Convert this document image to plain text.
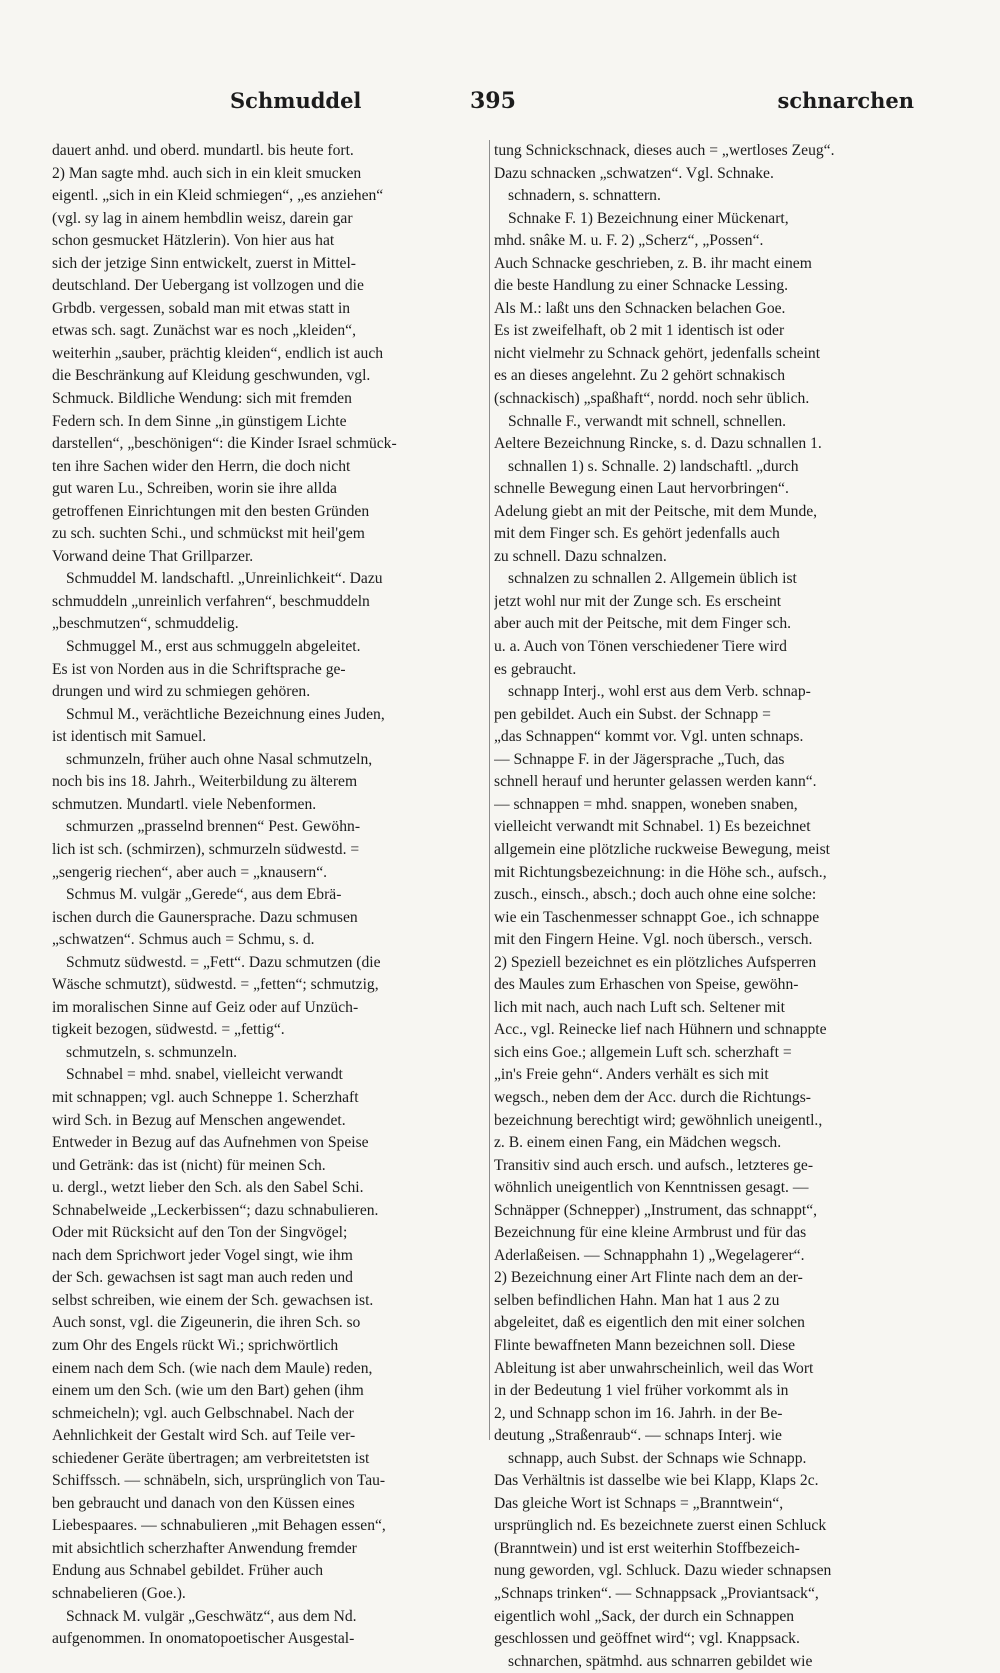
Schmuddel	395	schnarchen
dauert anhd. und oberd. mundartl. bis heute fort.
2) Man sagte mhd. auch sich in ein kleit smucken
eigentl. „sich in ein Kleid schmiegen“, „es anziehen“
(vgl. sy lag in ainem hembdlin weisz, darein gar
schon gesmucket Hätzlerin). Von hier aus hat
sich der jetzige Sinn entwickelt, zuerst in Mittel-
deutschland. Der Uebergang ist vollzogen und die
Grbdb. vergessen, sobald man mit etwas statt in
etwas sch. sagt. Zunächst war es noch „kleiden“,
weiterhin „sauber, prächtig kleiden“, endlich ist auch
die Beschränkung auf Kleidung geschwunden, vgl.
Schmuck. Bildliche Wendung: sich mit fremden
Federn sch. In dem Sinne „in günstigem Lichte
darstellen“, „beschönigen“: die Kinder Israel schmück-
ten ihre Sachen wider den Herrn, die doch nicht
gut waren Lu., Schreiben, worin sie ihre allda
getroffenen Einrichtungen mit den besten Gründen
zu sch. suchten Schi., und schmückst mit heil'gem
Vorwand deine That Grillparzer.
Schmuddel M. landschaftl. „Unreinlichkeit“. Dazu
schmuddeln „unreinlich verfahren“, beschmuddeln
„beschmutzen“, schmuddelig.
Schmuggel M., erst aus schmuggeln abgeleitet.
Es ist von Norden aus in die Schriftsprache ge-
drungen und wird zu schmiegen gehören.
Schmul M., verächtliche Bezeichnung eines Juden,
ist identisch mit Samuel.
schmunzeln, früher auch ohne Nasal schmutzeln,
noch bis ins 18. Jahrh., Weiterbildung zu älterem
schmutzen. Mundartl. viele Nebenformen.
schmurzen „prasselnd brennen“ Pest. Gewöhn-
lich ist sch. (schmirzen), schmurzeln südwestd. =
„sengerig riechen“, aber auch = „knausern“.
Schmus M. vulgär „Gerede“, aus dem Ebrä-
ischen durch die Gaunersprache. Dazu schmusen
„schwatzen“. Schmus auch = Schmu, s. d.
Schmutz südwestd. = „Fett“. Dazu schmutzen (die
Wäsche schmutzt), südwestd. = „fetten“; schmutzig,
im moralischen Sinne auf Geiz oder auf Unzüch-
tigkeit bezogen, südwestd. = „fettig“.
schmutzeln, s. schmunzeln.
Schnabel = mhd. snabel, vielleicht verwandt
mit schnappen; vgl. auch Schneppe 1. Scherzhaft
wird Sch. in Bezug auf Menschen angewendet.
Entweder in Bezug auf das Aufnehmen von Speise
und Getränk: das ist (nicht) für meinen Sch.
u. dergl., wetzt lieber den Sch. als den Sabel Schi.
Schnabelweide „Leckerbissen“; dazu schnabulieren.
Oder mit Rücksicht auf den Ton der Singvögel;
nach dem Sprichwort jeder Vogel singt, wie ihm
der Sch. gewachsen ist sagt man auch reden und
selbst schreiben, wie einem der Sch. gewachsen ist.
Auch sonst, vgl. die Zigeunerin, die ihren Sch. so
zum Ohr des Engels rückt Wi.; sprichwörtlich
einem nach dem Sch. (wie nach dem Maule) reden,
einem um den Sch. (wie um den Bart) gehen (ihm
schmeicheln); vgl. auch Gelbschnabel. Nach der
Aehnlichkeit der Gestalt wird Sch. auf Teile ver-
schiedener Geräte übertragen; am verbreitetsten ist
Schiffssch. — schnäbeln, sich, ursprünglich von Tau-
ben gebraucht und danach von den Küssen eines
Liebespaares. — schnabulieren „mit Behagen essen“,
mit absichtlich scherzhafter Anwendung fremder
Endung aus Schnabel gebildet. Früher auch
schnabelieren (Goe.).
Schnack M. vulgär „Geschwätz“, aus dem Nd.
aufgenommen. In onomatopoetischer Ausgestal-
tung Schnickschnack, dieses auch = „wertloses Zeug“.
Dazu schnacken „schwatzen“. Vgl. Schnake.
schnadern, s. schnattern.
Schnake F. 1) Bezeichnung einer Mückenart,
mhd. snâke M. u. F. 2) „Scherz“, „Possen“.
Auch Schnacke geschrieben, z. B. ihr macht einem
die beste Handlung zu einer Schnacke Lessing.
Als M.: laßt uns den Schnacken belachen Goe.
Es ist zweifelhaft, ob 2 mit 1 identisch ist oder
nicht vielmehr zu Schnack gehört, jedenfalls scheint
es an dieses angelehnt. Zu 2 gehört schnakisch
(schnackisch) „spaßhaft“, nordd. noch sehr üblich.
Schnalle F., verwandt mit schnell, schnellen.
Aeltere Bezeichnung Rincke, s. d. Dazu schnallen 1.
schnallen 1) s. Schnalle. 2) landschaftl. „durch
schnelle Bewegung einen Laut hervorbringen“.
Adelung giebt an mit der Peitsche, mit dem Munde,
mit dem Finger sch. Es gehört jedenfalls auch
zu schnell. Dazu schnalzen.
schnalzen zu schnallen 2. Allgemein üblich ist
jetzt wohl nur mit der Zunge sch. Es erscheint
aber auch mit der Peitsche, mit dem Finger sch.
u. a. Auch von Tönen verschiedener Tiere wird
es gebraucht.
schnapp Interj., wohl erst aus dem Verb. schnap-
pen gebildet. Auch ein Subst. der Schnapp =
„das Schnappen“ kommt vor. Vgl. unten schnaps.
— Schnappe F. in der Jägersprache „Tuch, das
schnell herauf und herunter gelassen werden kann“.
— schnappen = mhd. snappen, woneben snaben,
vielleicht verwandt mit Schnabel. 1) Es bezeichnet
allgemein eine plötzliche ruckweise Bewegung, meist
mit Richtungsbezeichnung: in die Höhe sch., aufsch.,
zusch., einsch., absch.; doch auch ohne eine solche:
wie ein Taschenmesser schnappt Goe., ich schnappe
mit den Fingern Heine. Vgl. noch übersch., versch.
2) Speziell bezeichnet es ein plötzliches Aufsperren
des Maules zum Erhaschen von Speise, gewöhn-
lich mit nach, auch nach Luft sch. Seltener mit
Acc., vgl. Reinecke lief nach Hühnern und schnappte
sich eins Goe.; allgemein Luft sch. scherzhaft =
„in's Freie gehn“. Anders verhält es sich mit
wegsch., neben dem der Acc. durch die Richtungs-
bezeichnung berechtigt wird; gewöhnlich uneigentl.,
z. B. einem einen Fang, ein Mädchen wegsch.
Transitiv sind auch ersch. und aufsch., letzteres ge-
wöhnlich uneigentlich von Kenntnissen gesagt. —
Schnäpper (Schnepper) „Instrument, das schnappt“,
Bezeichnung für eine kleine Armbrust und für das
Aderlaßeisen. — Schnapphahn 1) „Wegelagerer“.
2) Bezeichnung einer Art Flinte nach dem an der-
selben befindlichen Hahn. Man hat 1 aus 2 zu
abgeleitet, daß es eigentlich den mit einer solchen
Flinte bewaffneten Mann bezeichnen soll. Diese
Ableitung ist aber unwahrscheinlich, weil das Wort
in der Bedeutung 1 viel früher vorkommt als in
2, und Schnapp schon im 16. Jahrh. in der Be-
deutung „Straßenraub“. — schnaps Interj. wie
schnapp, auch Subst. der Schnaps wie Schnapp.
Das Verhältnis ist dasselbe wie bei Klapp, Klaps 2c.
Das gleiche Wort ist Schnaps = „Branntwein“,
ursprünglich nd. Es bezeichnete zuerst einen Schluck
(Branntwein) und ist erst weiterhin Stoffbezeich-
nung geworden, vgl. Schluck. Dazu wieder schnapsen
„Schnaps trinken“. — Schnappsack „Proviantsack“,
eigentlich wohl „Sack, der durch ein Schnappen
geschlossen und geöffnet wird“; vgl. Knappsack.
schnarchen, spätmhd. aus schnarren gebildet wie
